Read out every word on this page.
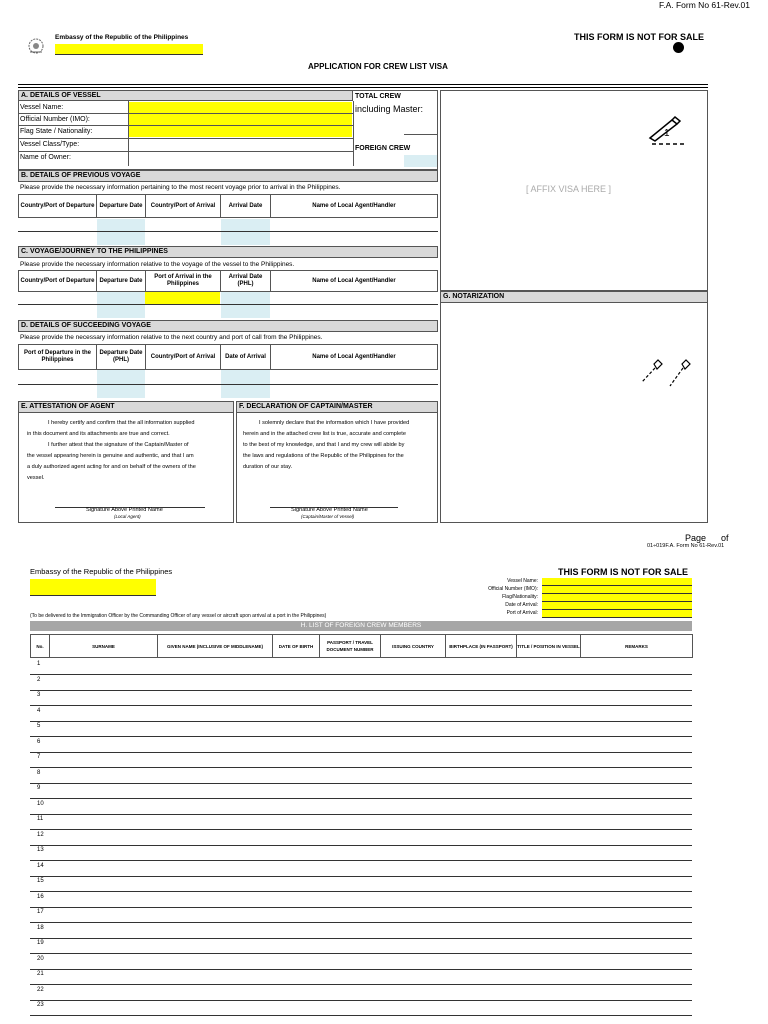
F.A. Form No 61-Rev.01
Embassy of the Republic of the Philippines	THIS FORM IS NOT FOR SALE
APPLICATION FOR CREW LIST VISA
A. DETAILS OF VESSEL
Vessel Name:
Official Number (IMO):
Flag State / Nationality:
Vessel Class/Type:
Name of Owner:
TOTAL CREW
including Master:
FOREIGN CREW
[ AFFIX VISA HERE ]
1
B. DETAILS OF PREVIOUS VOYAGE
Please provide the necessary information pertaining to the most recent voyage prior to arrival in the Philippines.
Country/Port of Departure	Departure Date	Country/Port of Arrival	Arrival Date	Name of Local Agent/Handler
C. VOYAGE/JOURNEY TO THE PHILIPPINES
Please provide the necessary information relative to the voyage of the vessel to the Philippines.
Country/Port of Departure	Departure Date	Port of Arrival in the Philippines	Arrival Date (PHL)	Name of Local Agent/Handler
G. NOTARIZATION
D. DETAILS OF SUCCEEDING VOYAGE
Please provide the necessary information relative to the next country and port of call from the Philippines.
Port of Departure in the Philippines	Departure Date (PHL)	Country/Port of Arrival	Date of Arrival	Name of Local Agent/Handler
E. ATTESTATION OF AGENT
I hereby certify and confirm that the all information supplied
in this document and its attachments are true and correct.
I further attest that the signature of the Captain/Master of
the vessel appearing herein is genuine and authentic, and that I am
a duly authorized agent acting for and on behalf of the owners of the
vessel.
Signature Above Printed Name
(Local Agent)
F. DECLARATION OF CAPTAIN/MASTER
I solemnly declare that the information which I have provided
herein and in the attached crew list is true, accurate and complete
to the best of my knowledge, and that I and my crew will abide by
the laws and regulations of the Republic of the Philippines for the
duration of our stay.
Signature Above Printed Name
(Captain/Master of Vessel)
Page      of
01÷019F.A. Form No 61-Rev.01
Embassy of the Republic of the Philippines	THIS FORM IS NOT FOR SALE
Vessel Name:
Official Number (IMO):
Flag/Nationality:
Date of Arrival:
Port of Arrival:
(To be delivered to the Immigration Officer by the Commanding Officer of any vessel or aircraft upon arrival at a port in the Philippines)
H. LIST OF FOREIGN CREW MEMBERS
No.	SURNAME	GIVEN NAME (INCLUSIVE OF MIDDLENAME)	DATE OF BIRTH	PASSPORT / TRAVEL DOCUMENT NUMBER	ISSUING COUNTRY	BIRTHPLACE (IN PASSPORT)	TITLE / POSITION IN VESSEL	REMARKS
1
2
3
4
5
6
7
8
9
10
11
12
13
14
15
16
17
18
19
20
21
22
23
